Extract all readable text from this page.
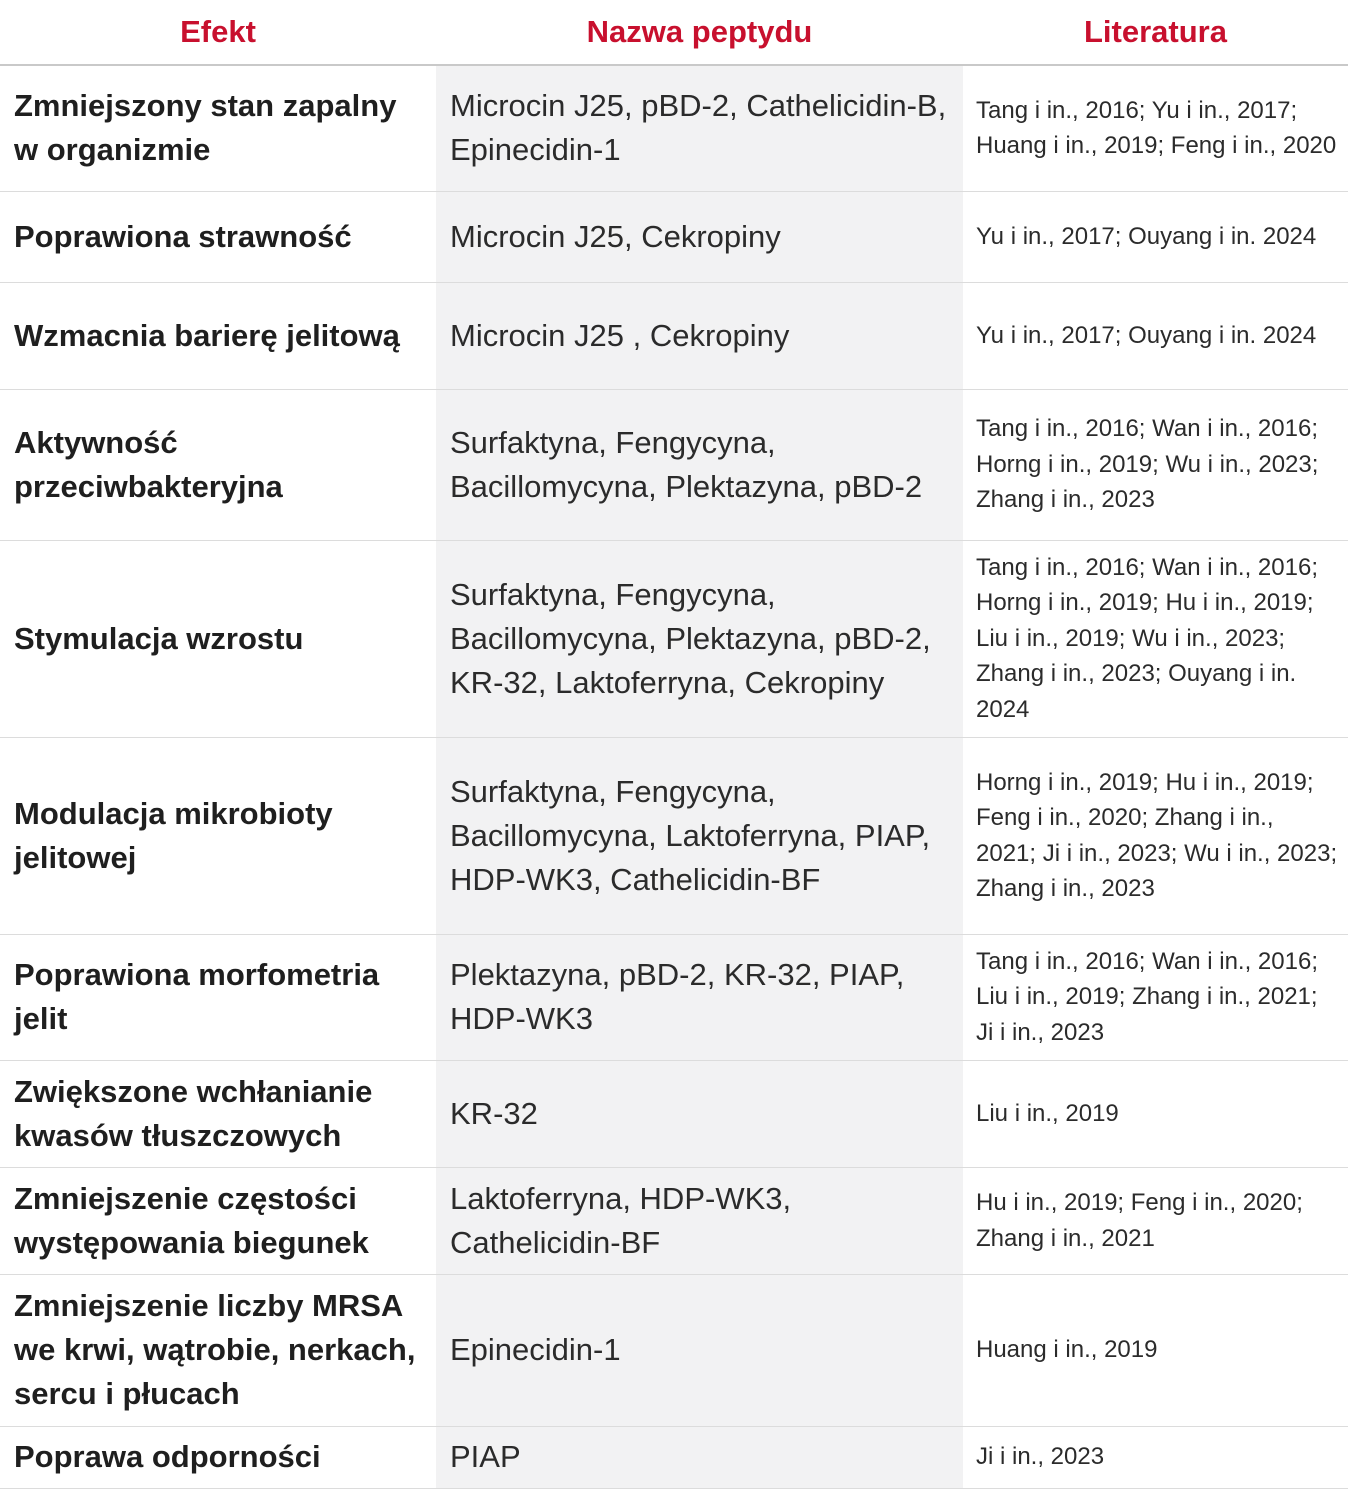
Efekt	Nazwa peptydu	Literatura
Zmniejszony stan zapalny w organizmie	Microcin J25, pBD-2, Cathelicidin-B, Epinecidin-1	Tang i in., 2016; Yu i in., 2017; Huang i in., 2019; Feng i in., 2020
Poprawiona strawność	Microcin J25, Cekropiny	Yu i in., 2017; Ouyang i in. 2024
Wzmacnia barierę jelitową	Microcin J25 , Cekropiny	Yu i in., 2017; Ouyang i in. 2024
Aktywność przeciwbakteryjna	Surfaktyna, Fengycyna, Bacillomycyna, Plektazyna, pBD-2	Tang i in., 2016; Wan i in., 2016; Horng i in., 2019; Wu i in., 2023; Zhang i in., 2023
Stymulacja wzrostu	Surfaktyna, Fengycyna, Bacillomycyna, Plektazyna, pBD-2, KR-32, Laktoferryna, Cekropiny	Tang i in., 2016; Wan i in., 2016; Horng i in., 2019; Hu i in., 2019; Liu i in., 2019; Wu i in., 2023; Zhang i in., 2023; Ouyang i in. 2024
Modulacja mikrobioty jelitowej	Surfaktyna, Fengycyna, Bacillomycyna, Laktoferryna, PIAP, HDP-WK3, Cathelicidin-BF	Horng i in., 2019; Hu i in., 2019; Feng i in., 2020; Zhang i in., 2021; Ji i in., 2023; Wu i in., 2023; Zhang i in., 2023
Poprawiona morfometria jelit	Plektazyna, pBD-2, KR-32, PIAP, HDP-WK3	Tang i in., 2016; Wan i in., 2016; Liu i in., 2019; Zhang i in., 2021; Ji i in., 2023
Zwiększone wchłanianie kwasów tłuszczowych	KR-32	Liu i in., 2019
Zmniejszenie częstości występowania biegunek	Laktoferryna, HDP-WK3, Cathelicidin-BF	Hu i in., 2019; Feng i in., 2020; Zhang i in., 2021
Zmniejszenie liczby MRSA we krwi, wątrobie, nerkach, sercu i płucach	Epinecidin-1	Huang i in., 2019
Poprawa odporności	PIAP	Ji i in., 2023
